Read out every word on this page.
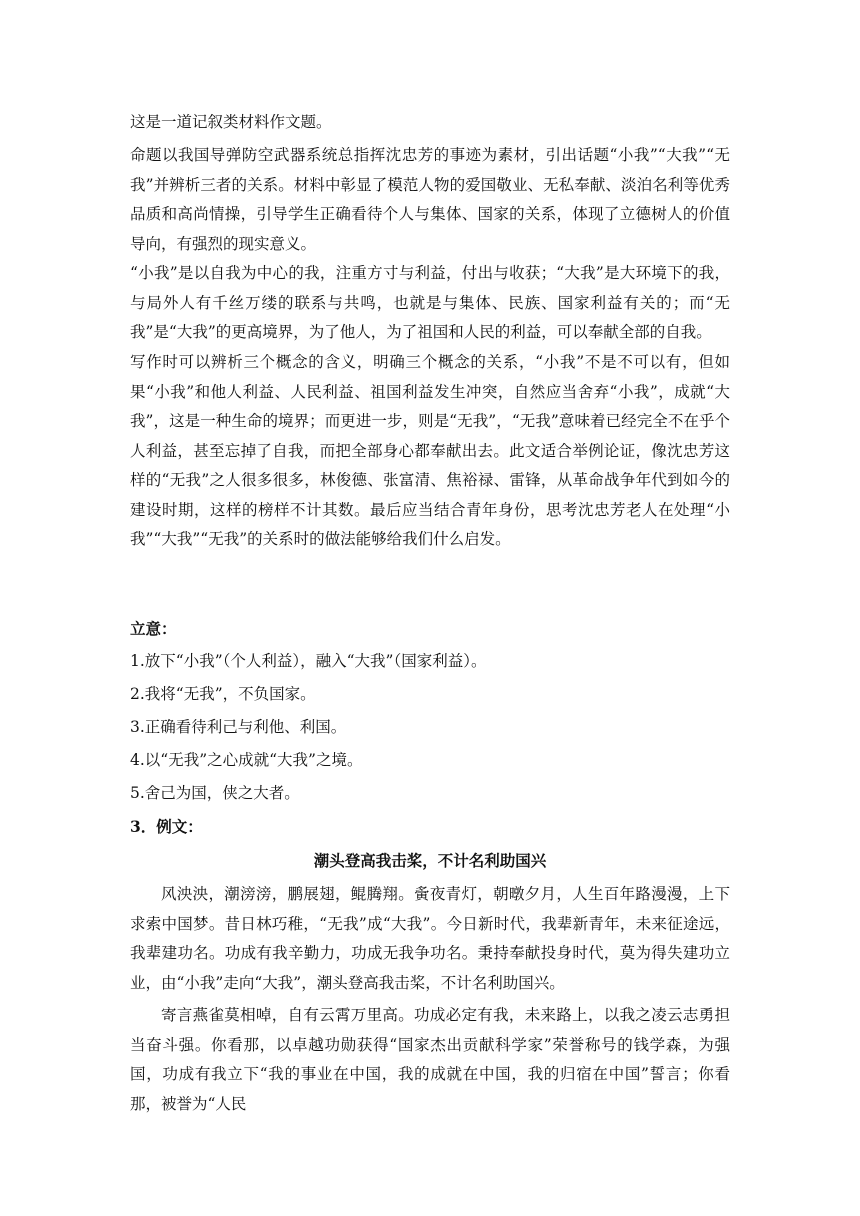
这是一道记叙类材料作文题。

命题以我国导弹防空武器系统总指挥沈忠芳的事迹为素材，引出话题“小我”“大我”“无我”并辨析三者的关系。材料中彰显了模范人物的爱国敬业、无私奉献、淡泊名利等优秀品质和高尚情操，引导学生正确看待个人与集体、国家的关系，体现了立德树人的价值导向，有强烈的现实意义。

“小我”是以自我为中心的我，注重方寸与利益，付出与收获；“大我”是大环境下的我，与局外人有千丝万缕的联系与共鸣，也就是与集体、民族、国家利益有关的；而“无我”是“大我”的更高境界，为了他人，为了祖国和人民的利益，可以奉献全部的自我。

写作时可以辨析三个概念的含义，明确三个概念的关系，“小我”不是不可以有，但如果“小我”和他人利益、人民利益、祖国利益发生冲突，自然应当舍弃“小我”，成就“大我”，这是一种生命的境界；而更进一步，则是“无我”，“无我”意味着已经完全不在乎个人利益，甚至忘掉了自我，而把全部身心都奉献出去。此文适合举例论证，像沈忠芳这样的“无我”之人很多很多，林俊德、张富清、焦裕禄、雷锋，从革命战争年代到如今的建设时期，这样的榜样不计其数。最后应当结合青年身份，思考沈忠芳老人在处理“小我”“大我”“无我”的关系时的做法能够给我们什么启发。

立意：

1.放下“小我”（个人利益），融入“大我”（国家利益）。

2.我将“无我”，不负国家。

3.正确看待利己与利他、利国。

4.以“无我”之心成就“大我”之境。

5.舍己为国，侠之大者。

3．例文：

潮头登高我击桨，不计名利助国兴

风泱泱，潮滂滂，鹏展翅，鲲腾翔。夤夜青灯，朝暾夕月，人生百年路漫漫，上下求索中国梦。昔日林巧稚，“无我”成“大我”。今日新时代，我辈新青年，未来征途远，我辈建功名。功成有我辛勤力，功成无我争功名。秉持奉献投身时代，莫为得失建功立业，由“小我”走向“大我”，潮头登高我击桨，不计名利助国兴。

寄言燕雀莫相啅，自有云霄万里高。功成必定有我，未来路上，以我之凌云志勇担当奋斗强。你看那，以卓越功勋获得“国家杰出贡献科学家”荣誉称号的钱学森，为强国，功成有我立下“我的事业在中国，我的成就在中国，我的归宿在中国”誓言；你看那，被誉为“人民
